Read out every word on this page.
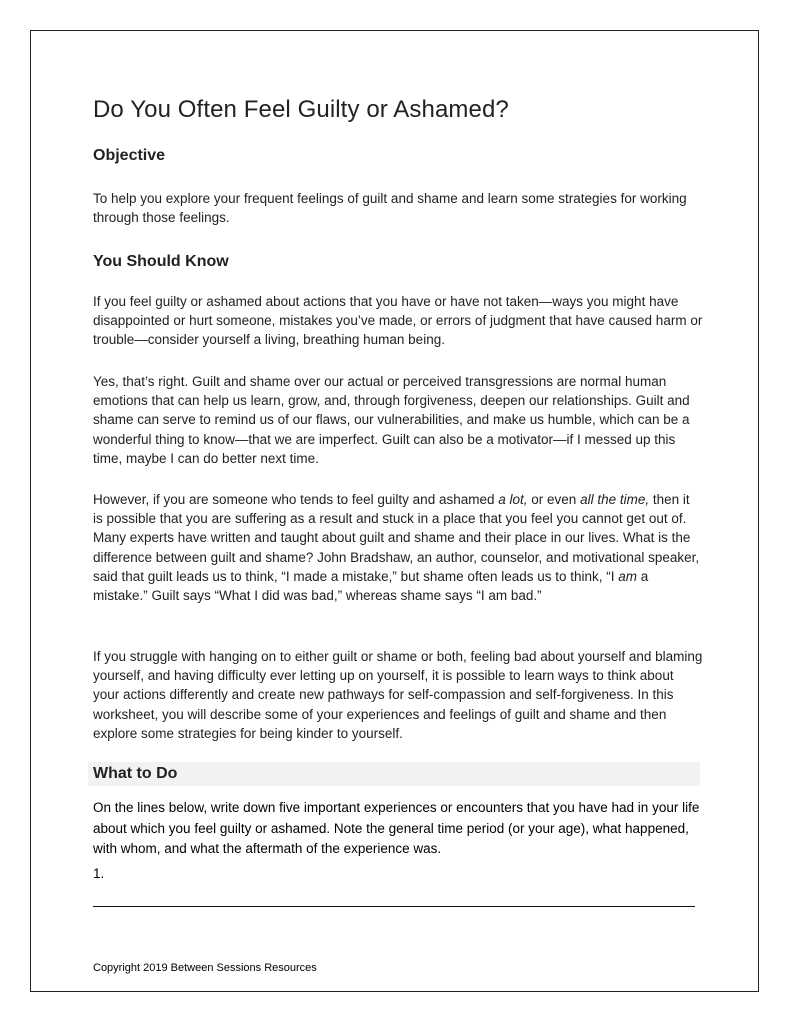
Do You Often Feel Guilty or Ashamed?
Objective

To help you explore your frequent feelings of guilt and shame and learn some strategies for working through those feelings.

You Should Know

If you feel guilty or ashamed about actions that you have or have not taken—ways you might have disappointed or hurt someone, mistakes you’ve made, or errors of judgment that have caused harm or trouble—consider yourself a living, breathing human being.

Yes, that’s right. Guilt and shame over our actual or perceived transgressions are normal human emotions that can help us learn, grow, and, through forgiveness, deepen our relationships. Guilt and shame can serve to remind us of our flaws, our vulnerabilities, and make us humble, which can be a wonderful thing to know—that we are imperfect. Guilt can also be a motivator—if I messed up this time, maybe I can do better next time.

However, if you are someone who tends to feel guilty and ashamed a lot, or even all the time, then it is possible that you are suffering as a result and stuck in a place that you feel you cannot get out of. Many experts have written and taught about guilt and shame and their place in our lives. What is the difference between guilt and shame? John Bradshaw, an author, counselor, and motivational speaker, said that guilt leads us to think, “I made a mistake,” but shame often leads us to think, “I am a mistake.” Guilt says “What I did was bad,” whereas shame says “I am bad.”

If you struggle with hanging on to either guilt or shame or both, feeling bad about yourself and blaming yourself, and having difficulty ever letting up on yourself, it is possible to learn ways to think about your actions differently and create new pathways for self-compassion and self-forgiveness. In this worksheet, you will describe some of your experiences and feelings of guilt and shame and then explore some strategies for being kinder to yourself.

What to Do

On the lines below, write down five important experiences or encounters that you have had in your life about which you feel guilty or ashamed. Note the general time period (or your age), what happened, with whom, and what the aftermath of the experience was.

1.
Copyright 2019 Between Sessions Resources
